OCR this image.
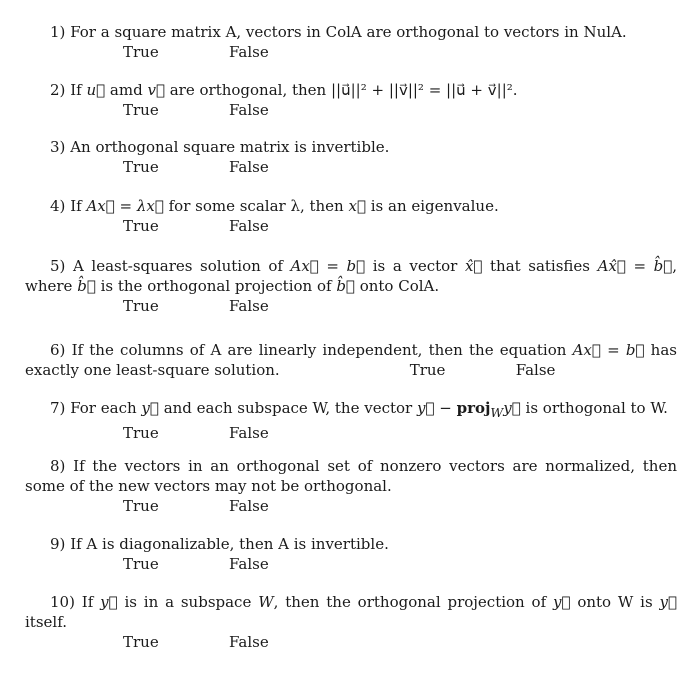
1) For a square matrix A, vectors in ColA are orthogonal to vectors in NulA.

True	False

2) If u⃗ amd v⃗ are orthogonal, then ||u⃗||² + ||v⃗||² = ||u⃗ + v⃗||².

True	False

3) An orthogonal square matrix is invertible.

True	False

4) If Ax⃗ = λx⃗ for some scalar λ, then x⃗ is an eigenvalue.

True	False

5) A least-squares solution of Ax⃗ = b⃗ is a vector x̂⃗ that satisfies Ax̂⃗ = b̂⃗, where b̂⃗ is the orthogonal projection of b̂⃗ onto ColA.

True	False

6) If the columns of A are linearly independent, then the equation Ax⃗ = b⃗ has exactly one least-square solution.	True	False

7) For each y⃗ and each subspace W, the vector y⃗ − proj$_W$y⃗ is orthogonal to W.

True	False

8) If the vectors in an orthogonal set of nonzero vectors are normalized, then some of the new vectors may not be orthogonal.

True	False

9) If A is diagonalizable, then A is invertible.

True	False

10) If y⃗ is in a subspace W, then the orthogonal projection of y⃗ onto W is y⃗ itself.

True	False
